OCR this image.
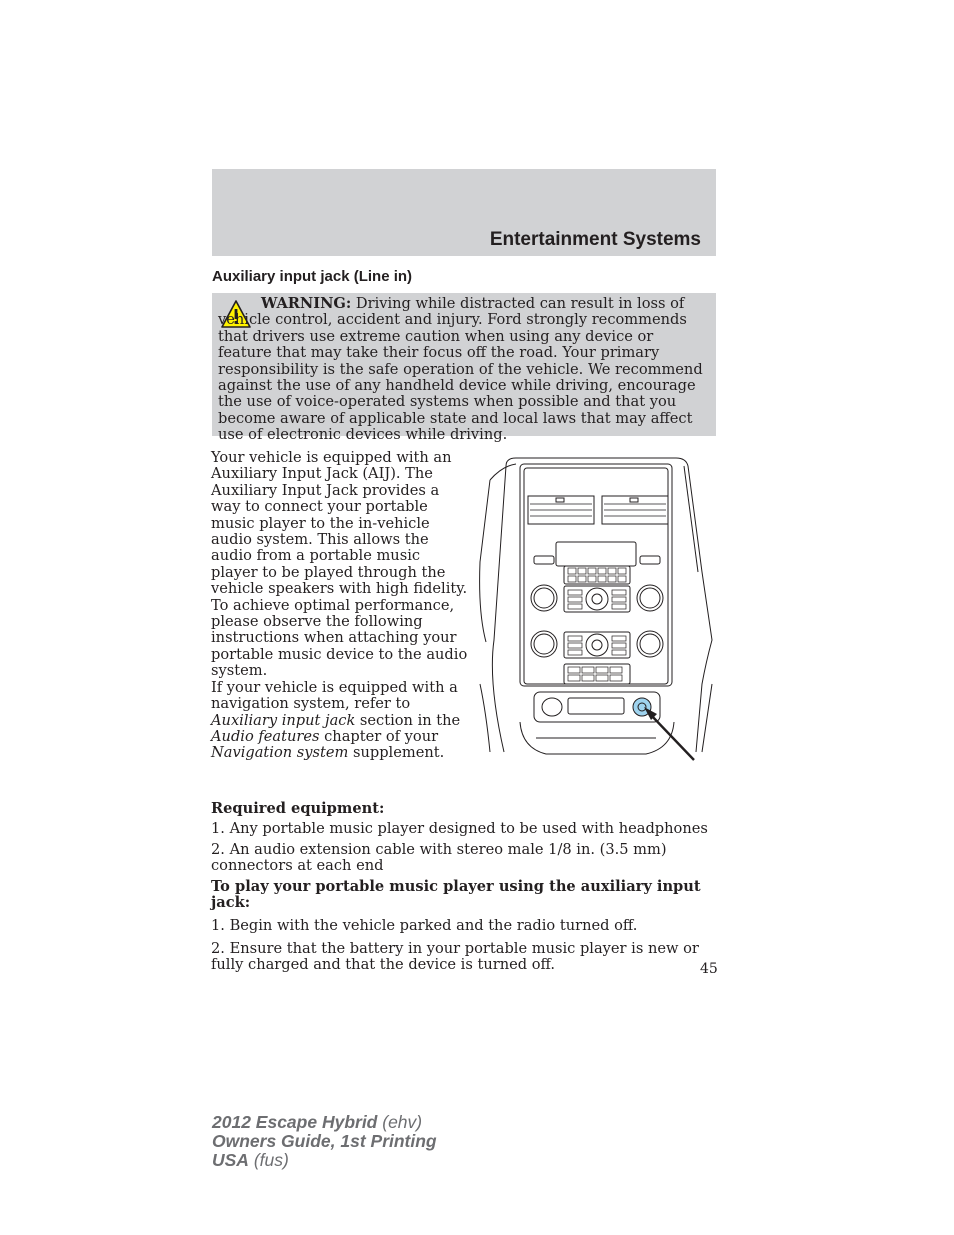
Entertainment Systems
Auxiliary input jack (Line in)
WARNING: Driving while distracted can result in loss of vehicle control, accident and injury. Ford strongly recommends that drivers use extreme caution when using any device or feature that may take their focus off the road. Your primary responsibility is the safe operation of the vehicle. We recommend against the use of any handheld device while driving, encourage the use of voice-operated systems when possible and that you become aware of applicable state and local laws that may affect use of electronic devices while driving.

Your vehicle is equipped with an Auxiliary Input Jack (AIJ). The Auxiliary Input Jack provides a way to connect your portable music player to the in-vehicle audio system. This allows the audio from a portable music player to be played through the vehicle speakers with high fidelity. To achieve optimal performance, please observe the following instructions when attaching your portable music device to the audio system.

If your vehicle is equipped with a navigation system, refer to Auxiliary input jack section in the Audio features chapter of your Navigation system supplement.

Required equipment:
1. Any portable music player designed to be used with headphones
2. An audio extension cable with stereo male 1/8 in. (3.5 mm) connectors at each end
To play your portable music player using the auxiliary input jack:
1. Begin with the vehicle parked and the radio turned off.
2. Ensure that the battery in your portable music player is new or fully charged and that the device is turned off.	45
2012 Escape Hybrid (ehv)
Owners Guide, 1st Printing
USA (fus)
